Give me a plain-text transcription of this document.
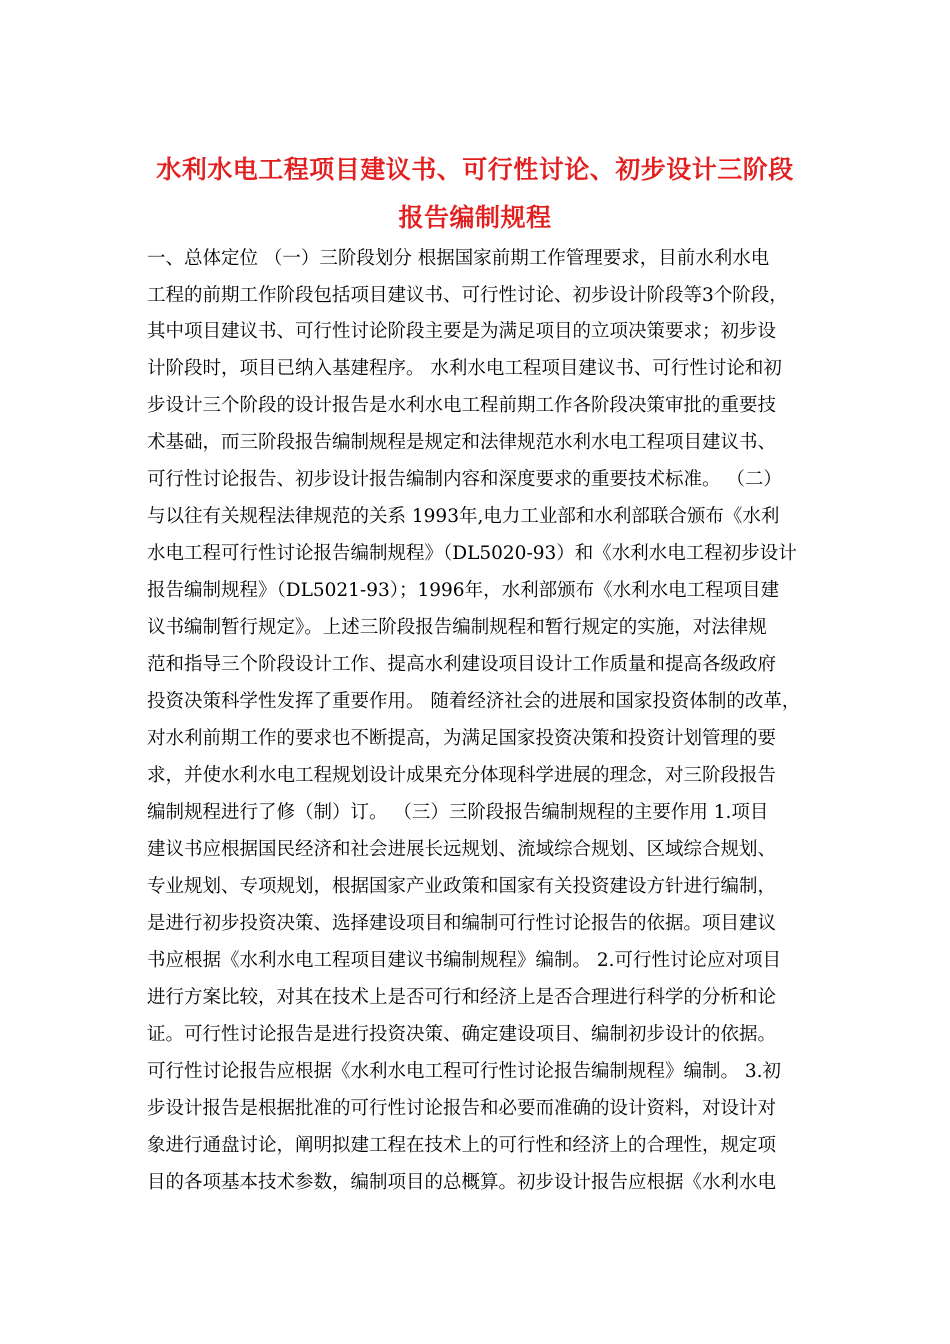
水利水电工程项目建议书、可行性讨论、初步设计三阶段
报告编制规程
一、总体定位 （一）三阶段划分 根据国家前期工作管理要求，目前水利水电
工程的前期工作阶段包括项目建议书、可行性讨论、初步设计阶段等3个阶段，
其中项目建议书、可行性讨论阶段主要是为满足项目的立项决策要求；初步设
计阶段时，项目已纳入基建程序。 水利水电工程项目建议书、可行性讨论和初
步设计三个阶段的设计报告是水利水电工程前期工作各阶段决策审批的重要技
术基础，而三阶段报告编制规程是规定和法律规范水利水电工程项目建议书、
可行性讨论报告、初步设计报告编制内容和深度要求的重要技术标准。 （二）
与以往有关规程法律规范的关系 1993年,电力工业部和水利部联合颁布《水利
水电工程可行性讨论报告编制规程》（DL5020-93）和《水利水电工程初步设计
报告编制规程》（DL5021-93）；1996年，水利部颁布《水利水电工程项目建
议书编制暂行规定》。上述三阶段报告编制规程和暂行规定的实施，对法律规
范和指导三个阶段设计工作、提高水利建设项目设计工作质量和提高各级政府
投资决策科学性发挥了重要作用。 随着经济社会的进展和国家投资体制的改革，
对水利前期工作的要求也不断提高，为满足国家投资决策和投资计划管理的要
求，并使水利水电工程规划设计成果充分体现科学进展的理念，对三阶段报告
编制规程进行了修（制）订。 （三）三阶段报告编制规程的主要作用 1.项目
建议书应根据国民经济和社会进展长远规划、流域综合规划、区域综合规划、
专业规划、专项规划，根据国家产业政策和国家有关投资建设方针进行编制，
是进行初步投资决策、选择建设项目和编制可行性讨论报告的依据。项目建议
书应根据《水利水电工程项目建议书编制规程》编制。 2.可行性讨论应对项目
进行方案比较，对其在技术上是否可行和经济上是否合理进行科学的分析和论
证。可行性讨论报告是进行投资决策、确定建设项目、编制初步设计的依据。
可行性讨论报告应根据《水利水电工程可行性讨论报告编制规程》编制。 3.初
步设计报告是根据批准的可行性讨论报告和必要而准确的设计资料，对设计对
象进行通盘讨论，阐明拟建工程在技术上的可行性和经济上的合理性，规定项
目的各项基本技术参数，编制项目的总概算。初步设计报告应根据《水利水电
